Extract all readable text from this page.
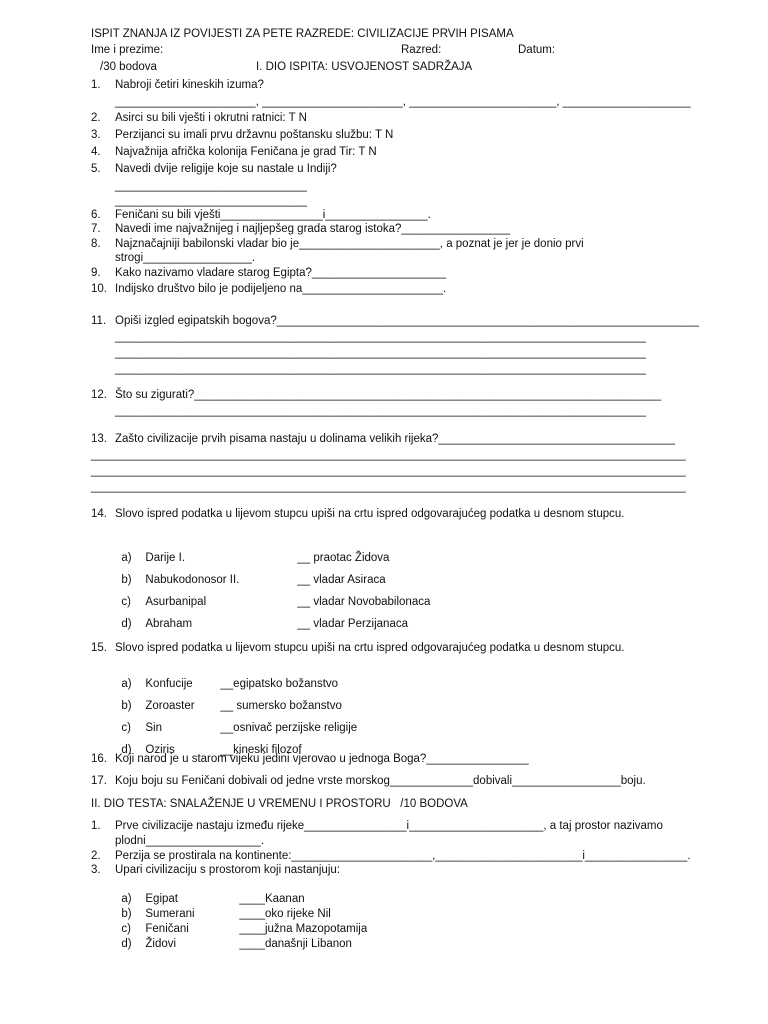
ISPIT ZNANJA IZ POVIJESTI ZA PETE RAZREDE: CIVILIZACIJE PRVIH PISAMA
Ime i prezime:	Razred:	Datum:
/30 bodova	I. DIO ISPITA: USVOJENOST SADRŽAJA
1. Nabroji četiri kineskih izuma?
______________________, ______________________, _______________________, ____________________
2. Asirci su bili vješti i okrutni ratnici: T N
3. Perzijanci su imali prvu državnu poštansku službu: T N
4. Najvažnija afrička kolonija Feničana je grad Tir: T N
5. Navedi dvije religije koje su nastale u Indiji?
______________________________
______________________________
6. Feničani su bili vješti________________i________________.
7. Navedi ime najvažnijeg i najljepšeg grada starog istoka?_________________
8. Najznačajniji babilonski vladar bio je______________________, a poznat je jer je donio prvi
strogi_________________.
9. Kako nazivamo vladare starog Egipta?_____________________
10. Indijsko društvo bilo je podijeljeno na______________________.
11. Opiši izgled egipatskih bogova?__________________________________________________________________
___________________________________________________________________________________
___________________________________________________________________________________
___________________________________________________________________________________
12. Što su zigurati?_________________________________________________________________________
___________________________________________________________________________________
13. Zašto civilizacije prvih pisama nastaju u dolinama velikih rijeka?_____________________________________
_____________________________________________________________________________________________
_____________________________________________________________________________________________
_____________________________________________________________________________________________
14. Slovo ispred podatka u lijevom stupcu upiši na crtu ispred odgovarajućeg podatka u desnom stupcu.

a) Darije I.	__ praotac Židova

b) Nabukodonosor II.	__ vladar Asiraca

c) Asurbanipal	__ vladar Novobabilonaca

d) Abraham	__ vladar Perzijanaca

15. Slovo ispred podatka u lijevom stupcu upiši na crtu ispred odgovarajućeg podatka u desnom stupcu.

a) Konfucije __egipatsko božanstvo

b) Zoroaster __ sumersko božanstvo

c) Sin	__osnivač perzijske religije

d) Oziris	__kineski filozof

16. Koji narod je u starom vijeku jedini vjerovao u jednoga Boga?________________
17. Koju boju su Feničani dobivali od jedne vrste morskog_____________dobivali_________________boju.
II. DIO TESTA: SNALAŽENJE U VREMENU I PROSTORU /10 BODOVA
1. Prve civilizacije nastaju između rijeke________________i_____________________, a taj prostor nazivamo
plodni__________________.
2. Perzija se prostirala na kontinente:______________________,_______________________i________________.
3. Upari civilizaciju s prostorom koji nastanjuju:

a) Egipat	____Kaanan

b) Sumerani	____oko rijeke Nil

c) Feničani	____južna Mazopotamija

d) Židovi	____današnji Libanon
